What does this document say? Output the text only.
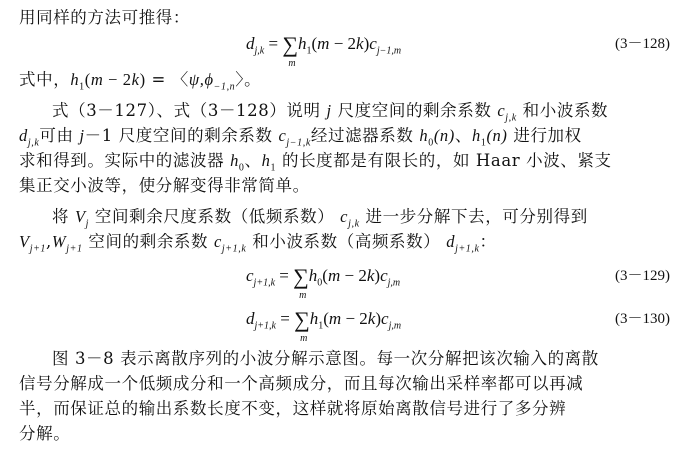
用同样的方法可推得：
$d_{j,k}$ = ∑
m
$h_1(m - 2k)c_{j-1,m}$	(3－128)
式中，$h_1(m - 2k)$ = 〈$\psi,\phi_{-1,n}$〉。
式（3－127）、式（3－128）说明 j 尺度空间的剩余系数 $c_{j,k}$ 和小波系数
$d_{j,k}$可由 j－1 尺度空间的剩余系数 $c_{j-1,k}$经过滤器系数 $h_0(n)$、$h_1(n)$ 进行加权
求和得到。实际中的滤波器 $h_0$、$h_1$ 的长度都是有限长的，如 Haar 小波、紧支
集正交小波等，使分解变得非常简单。
将 $V_j$ 空间剩余尺度系数（低频系数） $c_{j,k}$ 进一步分解下去，可分别得到
$V_{j+1},W_{j+1}$ 空间的剩余系数 $c_{j+1,k}$ 和小波系数（高频系数） $d_{j+1,k}$：
$c_{j+1,k}$ = ∑
m
$h_0(m - 2k)c_{j,m}$	(3－129)
$d_{j+1,k}$ = ∑
m
$h_1(m - 2k)c_{j,m}$	(3－130)
图 3－8 表示离散序列的小波分解示意图。每一次分解把该次输入的离散
信号分解成一个低频成分和一个高频成分，而且每次输出采样率都可以再减
半，而保证总的输出系数长度不变，这样就将原始离散信号进行了多分辨
分解。
